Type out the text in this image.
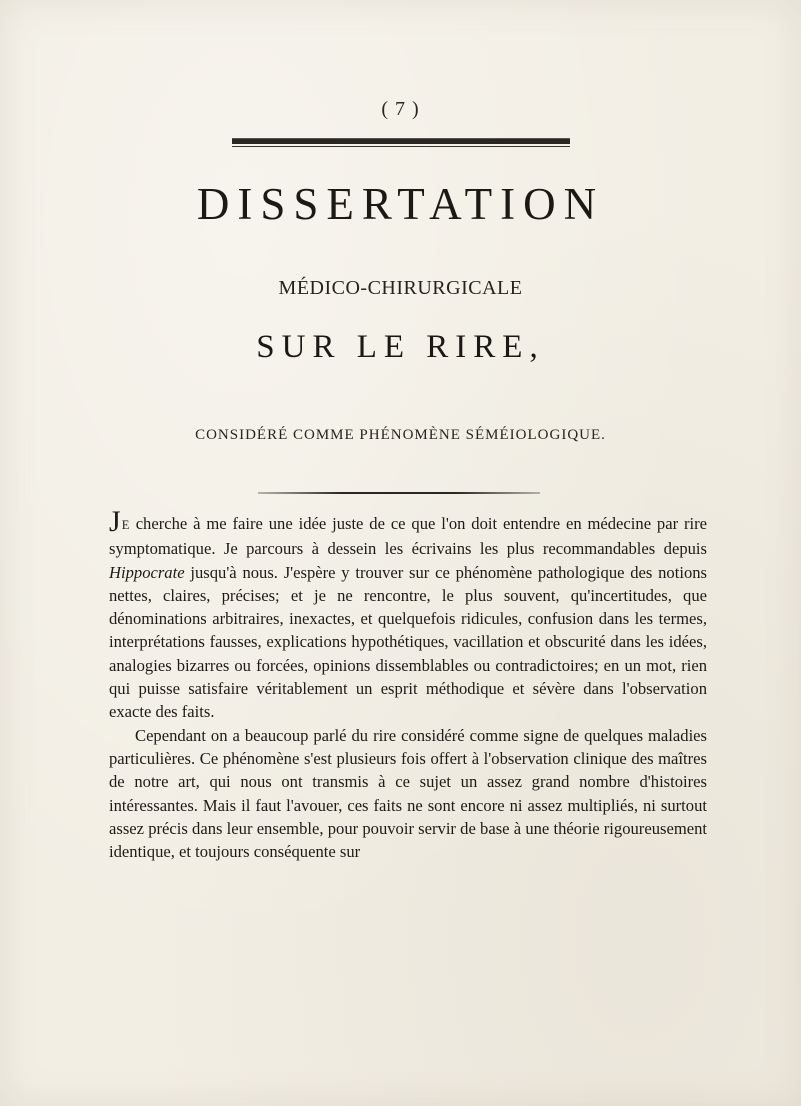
( 7 )
DISSERTATION
MÉDICO-CHIRURGICALE
SUR LE RIRE,
CONSIDÉRÉ COMME PHÉNOMÈNE SÉMÉIOLOGIQUE.

JE cherche à me faire une idée juste de ce que l'on doit entendre en médecine par rire symptomatique. Je parcours à dessein les écrivains les plus recommandables depuis Hippocrate jusqu'à nous. J'espère y trouver sur ce phénomène pathologique des notions nettes, claires, précises; et je ne rencontre, le plus souvent, qu'incertitudes, que dénominations arbitraires, inexactes, et quelquefois ridicules, confusion dans les termes, interprétations fausses, explications hypothétiques, vacillation et obscurité dans les idées, analogies bizarres ou forcées, opinions dissemblables ou contradictoires; en un mot, rien qui puisse satisfaire véritablement un esprit méthodique et sévère dans l'observation exacte des faits.

Cependant on a beaucoup parlé du rire considéré comme signe de quelques maladies particulières. Ce phénomène s'est plusieurs fois offert à l'observation clinique des maîtres de notre art, qui nous ont transmis à ce sujet un assez grand nombre d'histoires intéressantes. Mais il faut l'avouer, ces faits ne sont encore ni assez multipliés, ni surtout assez précis dans leur ensemble, pour pouvoir servir de base à une théorie rigoureusement identique, et toujours conséquente sur
